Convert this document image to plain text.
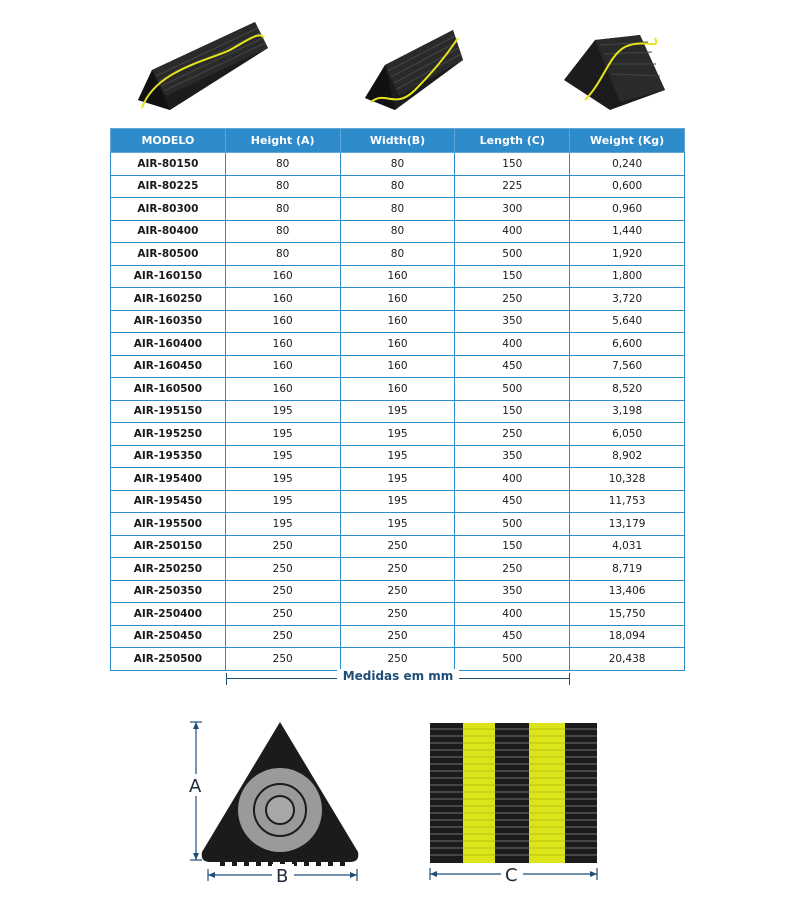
MODELO	Height (A)	Width(B)	Length (C)	Weight (Kg)
AIR-80150	80	80	150	0,240
AIR-80225	80	80	225	0,600
AIR-80300	80	80	300	0,960
AIR-80400	80	80	400	1,440
AIR-80500	80	80	500	1,920
AIR-160150	160	160	150	1,800
AIR-160250	160	160	250	3,720
AIR-160350	160	160	350	5,640
AIR-160400	160	160	400	6,600
AIR-160450	160	160	450	7,560
AIR-160500	160	160	500	8,520
AIR-195150	195	195	150	3,198
AIR-195250	195	195	250	6,050
AIR-195350	195	195	350	8,902
AIR-195400	195	195	400	10,328
AIR-195450	195	195	450	11,753
AIR-195500	195	195	500	13,179
AIR-250150	250	250	150	4,031
AIR-250250	250	250	250	8,719
AIR-250350	250	250	350	13,406
AIR-250400	250	250	400	15,750
AIR-250450	250	250	450	18,094
AIR-250500	250	250	500	20,438
Medidas em mm
A
B	C
